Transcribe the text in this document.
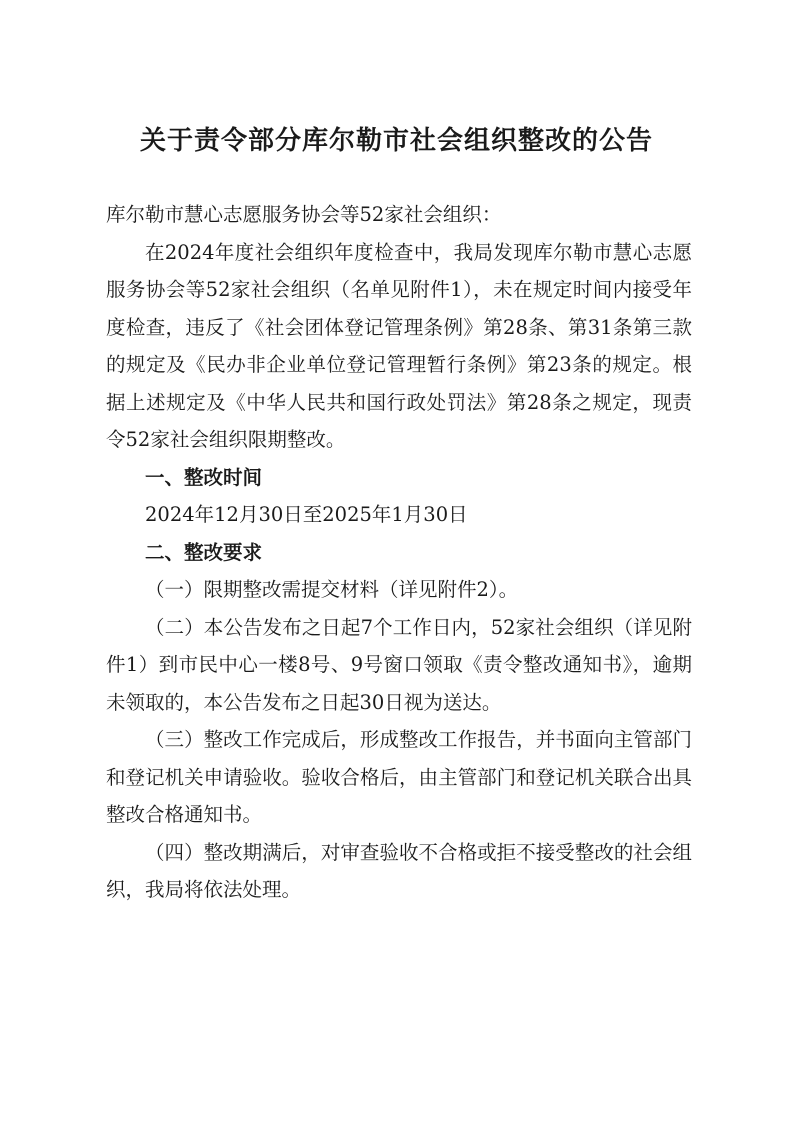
关于责令部分库尔勒市社会组织整改的公告

库尔勒市慧心志愿服务协会等52家社会组织：

在2024年度社会组织年度检查中，我局发现库尔勒市慧心志愿服务协会等52家社会组织（名单见附件1），未在规定时间内接受年度检查，违反了《社会团体登记管理条例》第28条、第31条第三款的规定及《民办非企业单位登记管理暂行条例》第23条的规定。根据上述规定及《中华人民共和国行政处罚法》第28条之规定，现责令52家社会组织限期整改。

一、整改时间

2024年12月30日至2025年1月30日

二、整改要求

（一）限期整改需提交材料（详见附件2）。

（二）本公告发布之日起7个工作日内，52家社会组织（详见附件1）到市民中心一楼8号、9号窗口领取《责令整改通知书》，逾期未领取的，本公告发布之日起30日视为送达。

（三）整改工作完成后，形成整改工作报告，并书面向主管部门和登记机关申请验收。验收合格后，由主管部门和登记机关联合出具整改合格通知书。

（四）整改期满后，对审查验收不合格或拒不接受整改的社会组织，我局将依法处理。
